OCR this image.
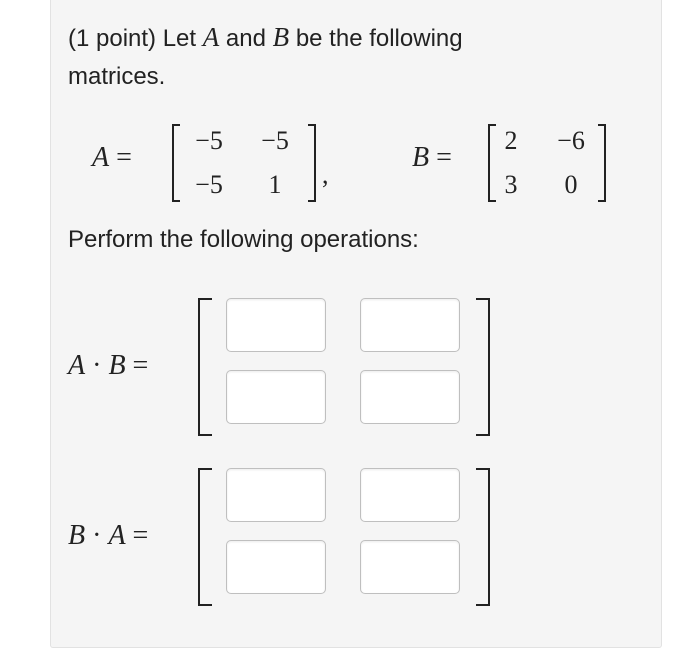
(1 point) Let A and B be the following
matrices.
A =
−5	−5
−5	1	,
B =
2	−6
3	0
Perform the following operations:
A · B =
B · A =
